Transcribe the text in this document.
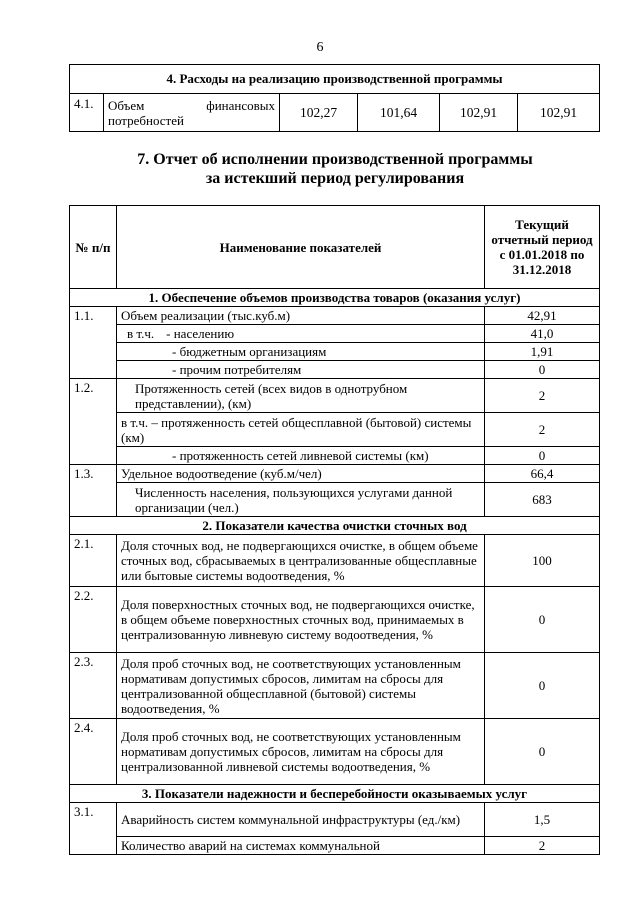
6
4. Расходы на реализацию производственной программы
4.1.	Объем финансовых потребностей	102,27	101,64	102,91	102,91
7. Отчет об исполнении производственной программы
за истекший период регулирования
№ п/п	Наименование показателей	Текущий отчетный период с 01.01.2018 по 31.12.2018
1. Обеспечение объемов производства товаров (оказания услуг)		
1.1.	Объем реализации (тыс.куб.м)	42,91
	в т.ч. - населению	41,0
	- бюджетным организациям	1,91
	- прочим потребителям	0
1.2.	Протяженность сетей (всех видов в однотрубном представлении), (км)	2
	в т.ч. – протяженность сетей общесплавной (бытовой) системы (км)	2
	- протяженность сетей ливневой системы (км)	0
1.3.	Удельное водоотведение (куб.м/чел)	66,4
	Численность населения, пользующихся услугами данной организации (чел.)	683
2. Показатели качества очистки сточных вод		
2.1.	Доля сточных вод, не подвергающихся очистке, в общем объеме сточных вод, сбрасываемых в централизованные общесплавные или бытовые системы водоотведения, %	100
2.2.	Доля поверхностных сточных вод, не подвергающихся очистке, в общем объеме поверхностных сточных вод, принимаемых в централизованную ливневую систему водоотведения, %	0
2.3.	Доля проб сточных вод, не соответствующих установленным нормативам допустимых сбросов, лимитам на сбросы для централизованной общесплавной (бытовой) системы водоотведения, %	0
2.4.	Доля проб сточных вод, не соответствующих установленным нормативам допустимых сбросов, лимитам на сбросы для централизованной ливневой системы водоотведения, %	0
3. Показатели надежности и бесперебойности оказываемых услуг		
3.1.	Аварийность систем коммунальной инфраструктуры (ед./км)	1,5
	Количество аварий на системах коммунальной	2
